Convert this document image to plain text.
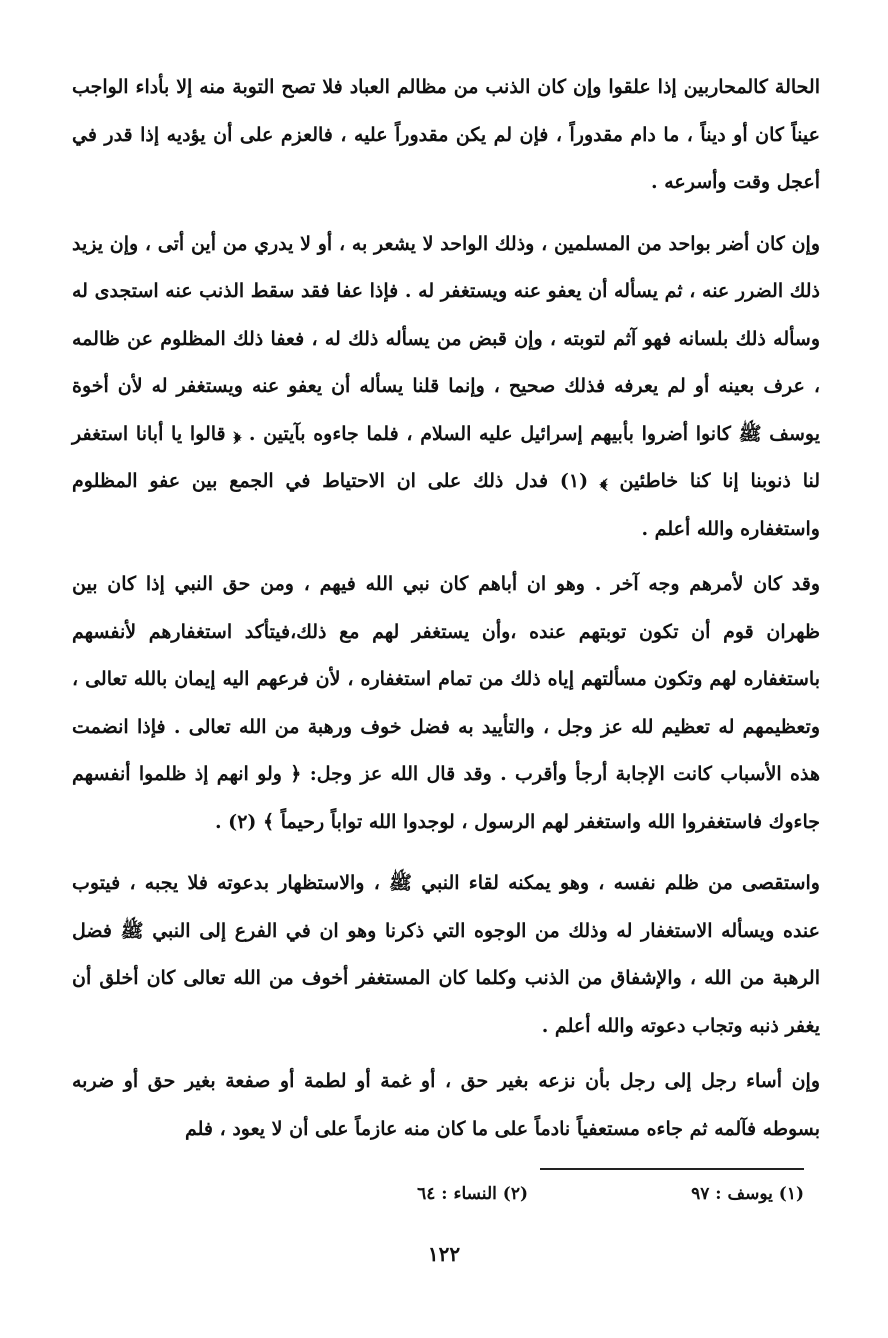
الحالة كالمحاربين إذا علقوا وإن كان الذنب من مظالم العباد فلا تصح التوبة منه إلا بأداء الواجب عيناً كان أو ديناً ، ما دام مقدوراً ، فإن لم يكن مقدوراً عليه ، فالعزم على أن يؤديه إذا قدر في أعجل وقت وأسرعه .

وإن كان أضر بواحد من المسلمين ، وذلك الواحد لا يشعر به ، أو لا يدري من أين أتى ، وإن يزيد ذلك الضرر عنه ، ثم يسأله أن يعفو عنه ويستغفر له . فإذا عفا فقد سقط الذنب عنه استجدى له وسأله ذلك بلسانه فهو آثم لتوبته ، وإن قبض من يسأله ذلك له ، فعفا ذلك المظلوم عن ظالمه ، عرف بعينه أو لم يعرفه فذلك صحيح ، وإنما قلنا يسأله أن يعفو عنه ويستغفر له لأن أخوة يوسف ﷺ كانوا أضروا بأبيهم إسرائيل عليه السلام ، فلما جاءوه بآيتين . ﴿ قالوا يا أبانا استغفر لنا ذنوبنا إنا كنا خاطئين ﴾ (١) فدل ذلك على ان الاحتياط في الجمع بين عفو المظلوم واستغفاره والله أعلم .

وقد كان لأمرهم وجه آخر . وهو ان أباهم كان نبي الله فيهم ، ومن حق النبي إذا كان بين ظهران قوم أن تكون توبتهم عنده ،وأن يستغفر لهم مع ذلك،فيتأكد استغفارهم لأنفسهم باستغفاره لهم وتكون مسألتهم إياه ذلك من تمام استغفاره ، لأن فرعهم اليه إيمان بالله تعالى ، وتعظيمهم له تعظيم لله عز وجل ، والتأييد به فضل خوف ورهبة من الله تعالى . فإذا انضمت هذه الأسباب كانت الإجابة أرجأ وأقرب . وقد قال الله عز وجل: ﴿ ولو انهم إذ ظلموا أنفسهم جاءوك فاستغفروا الله واستغفر لهم الرسول ، لوجدوا الله تواباً رحيماً ﴾ (٢) .

واستقصى من ظلم نفسه ، وهو يمكنه لقاء النبي ﷺ ، والاستظهار بدعوته فلا يجبه ، فيتوب عنده ويسأله الاستغفار له وذلك من الوجوه التي ذكرنا وهو ان في الفرع إلى النبي ﷺ فضل الرهبة من الله ، والإشفاق من الذنب وكلما كان المستغفر أخوف من الله تعالى كان أخلق أن يغفر ذنبه وتجاب دعوته والله أعلم .

وإن أساء رجل إلى رجل بأن نزعه بغير حق ، أو غمة أو لطمة أو صفعة بغير حق أو ضربه بسوطه فآلمه ثم جاءه مستعفياً نادماً على ما كان منه عازماً على أن لا يعود ، فلم

(١) يوسف : ٩٧
(٢) النساء : ٦٤
١٢٢
